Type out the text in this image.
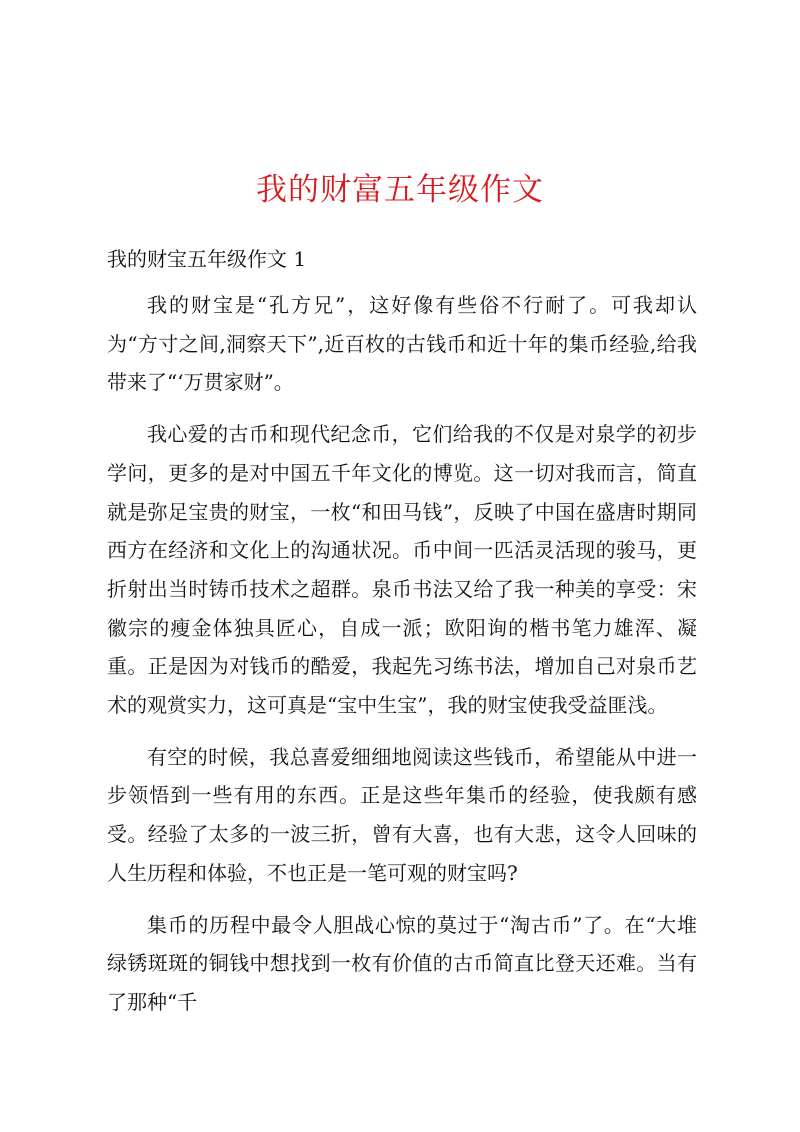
我的财富五年级作文

我的财宝五年级作文 1

我的财宝是“孔方兄”，这好像有些俗不行耐了。可我却认为“方寸之间,洞察天下”,近百枚的古钱币和近十年的集币经验,给我带来了“‘万贯家财”。

我心爱的古币和现代纪念币，它们给我的不仅是对泉学的初步学问，更多的是对中国五千年文化的博览。这一切对我而言，简直就是弥足宝贵的财宝，一枚“和田马钱”，反映了中国在盛唐时期同西方在经济和文化上的沟通状况。币中间一匹活灵活现的骏马，更折射出当时铸币技术之超群。泉币书法又给了我一种美的享受：宋徽宗的瘦金体独具匠心，自成一派；欧阳询的楷书笔力雄浑、凝重。正是因为对钱币的酷爱，我起先习练书法，增加自己对泉币艺术的观赏实力，这可真是“宝中生宝”，我的财宝使我受益匪浅。

有空的时候，我总喜爱细细地阅读这些钱币，希望能从中进一步领悟到一些有用的东西。正是这些年集币的经验，使我颇有感受。经验了太多的一波三折，曾有大喜，也有大悲，这令人回味的人生历程和体验，不也正是一笔可观的财宝吗?

集币的历程中最令人胆战心惊的莫过于“淘古币”了。在“大堆绿锈斑斑的铜钱中想找到一枚有价值的古币简直比登天还难。当有了那种“千
